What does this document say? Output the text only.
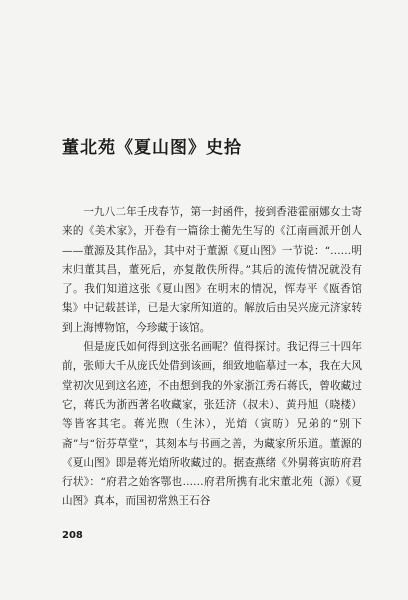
董北苑《夏山图》史拾

一九八二年壬戌春节，第一封函件，接到香港霍丽娜女士寄来的《美术家》，开卷有一篇徐士蘅先生写的《江南画派开创人——董源及其作品》，其中对于董源《夏山图》一节说：“……明末归董其昌，董死后，亦复散佚所得。”其后的流传情况就没有了。我们知道这张《夏山图》在明末的情况，恽寿平《瓯香馆集》中记载甚详，已是大家所知道的。解放后由吴兴庞元济家转到上海博物馆，今珍藏于该馆。

但是庞氏如何得到这张名画呢？值得探讨。我记得三十四年前，张师大千从庞氏处借到该画，细致地临摹过一本，我在大风堂初次见到这名迹，不由想到我的外家浙江秀石蒋氏，曾收藏过它，蒋氏为浙西著名收藏家，张廷济（叔未）、黄丹旭（晓楼）等皆客其宅。蒋光煦（生沐），光焴（寅昉）兄弟的“别下斋”与“衍芬草堂”，其刻本与书画之善，为藏家所乐道。董源的《夏山图》即是蒋光焴所收藏过的。据查燕绪《外舅蒋寅昉府君行状》：“府君之始客鄂也……府君所携有北宋董北苑（源）《夏山图》真本，而国初常熟王石谷

208
